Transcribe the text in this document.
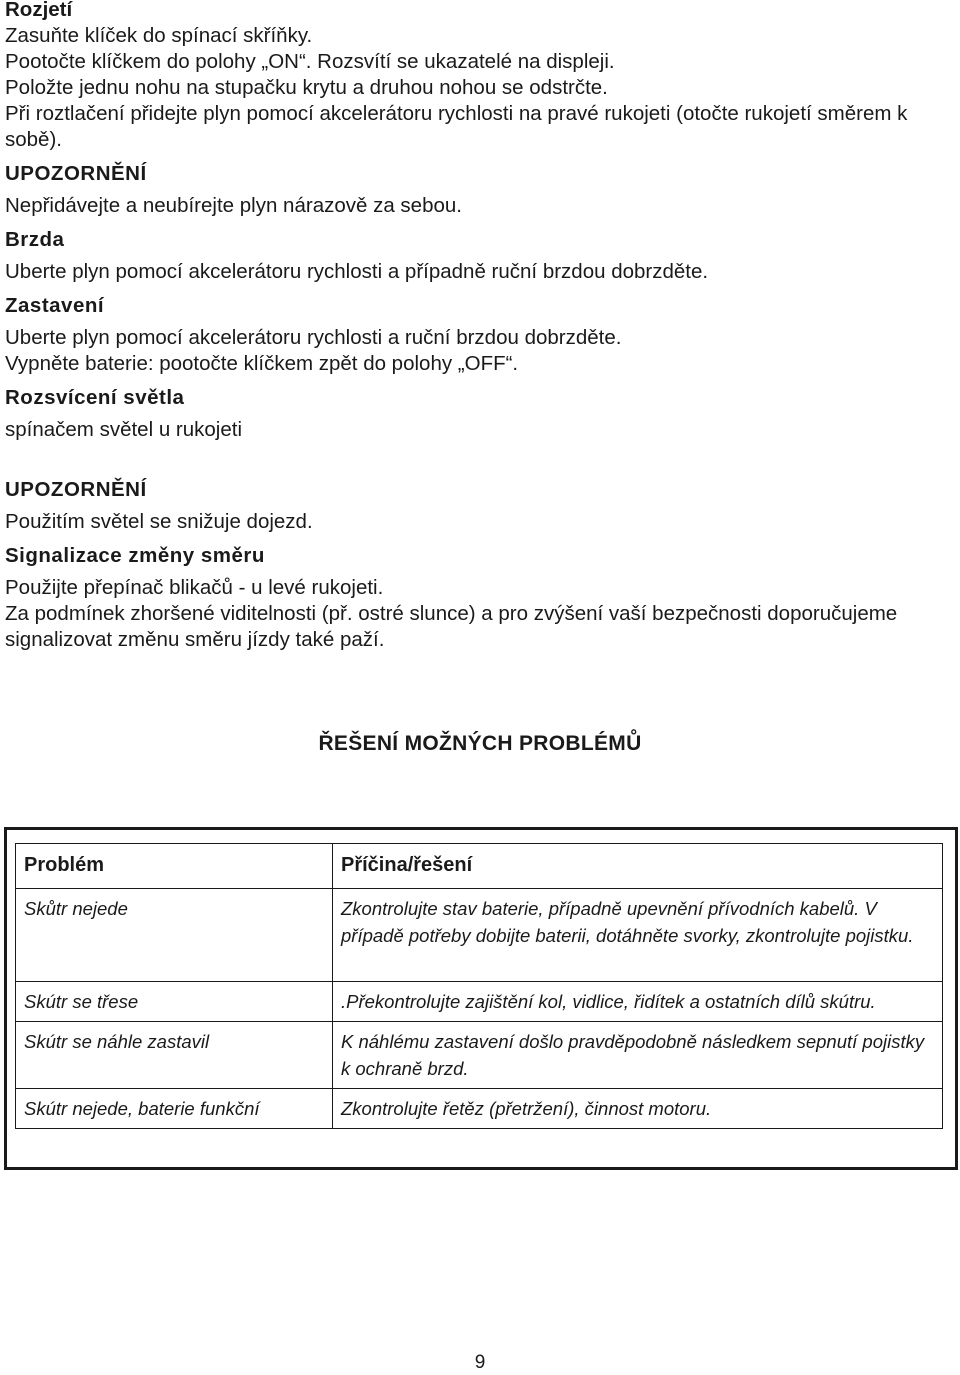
Rozjetí

Zasuňte klíček do spínací skříňky.

Pootočte klíčkem do polohy „ON“. Rozsvítí se ukazatelé na displeji.

Položte jednu nohu na stupačku krytu a druhou nohou se odstrčte.

Při roztlačení přidejte plyn pomocí akcelerátoru rychlosti na pravé rukojeti (otočte rukojetí směrem k sobě).

UPOZORNĚNÍ

Nepřidávejte a neubírejte plyn nárazově za sebou.

Brzda

Uberte plyn pomocí akcelerátoru rychlosti a případně ruční brzdou dobrzděte.

Zastavení

Uberte plyn pomocí akcelerátoru rychlosti a ruční brzdou dobrzděte.

Vypněte baterie: pootočte klíčkem zpět do polohy „OFF“.

Rozsvícení světla

spínačem světel u rukojeti

UPOZORNĚNÍ

Použitím světel se snižuje dojezd.

Signalizace změny směru

Použijte přepínač blikačů - u levé rukojeti.

Za podmínek zhoršené viditelnosti (př. ostré slunce) a pro zvýšení vaší bezpečnosti doporučujeme signalizovat změnu směru jízdy také paží.

ŘEŠENÍ MOŽNÝCH PROBLÉMŮ
Problém	Příčina/řešení
Skůtr nejede	Zkontrolujte stav baterie, případně upevnění přívodních kabelů. V případě potřeby dobijte baterii, dotáhněte svorky, zkontrolujte pojistku.
Skútr se třese	.Překontrolujte zajištění kol, vidlice, řidítek a ostatních dílů skútru.
Skútr se náhle zastavil	K náhlému zastavení došlo pravděpodobně následkem sepnutí pojistky k ochraně brzd.
Skútr nejede, baterie funkční	Zkontrolujte řetěz (přetržení), činnost motoru.
9
